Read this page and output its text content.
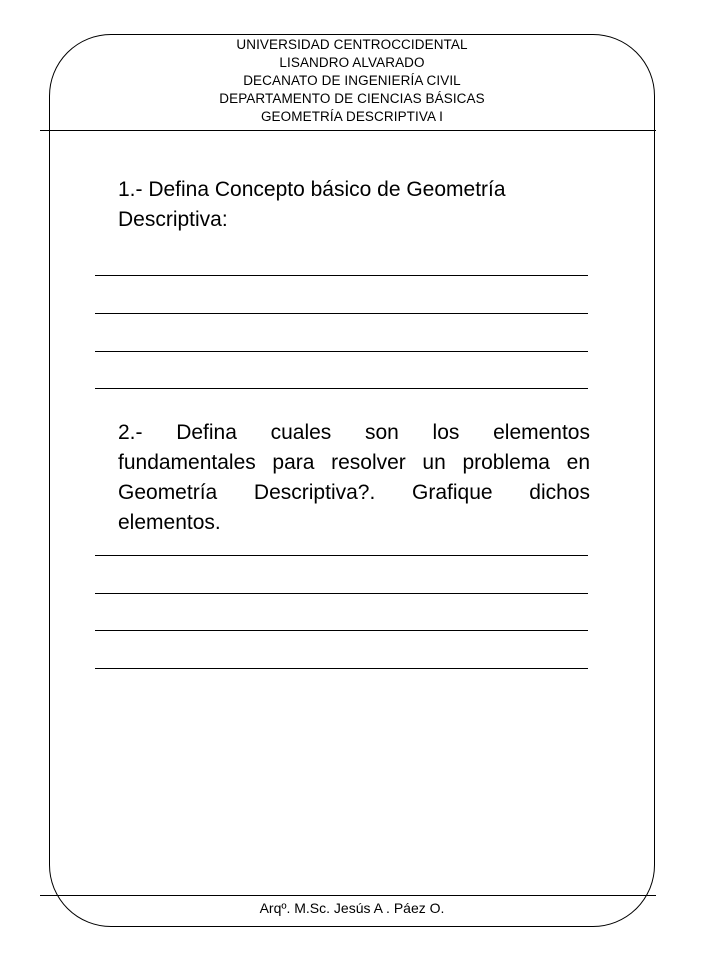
UNIVERSIDAD CENTROCCIDENTAL
LISANDRO ALVARADO
DECANATO DE INGENIERÍA CIVIL
DEPARTAMENTO DE CIENCIAS BÁSICAS
GEOMETRÍA DESCRIPTIVA I
1.- Defina Concepto básico de Geometría Descriptiva:
2.- Defina cuales son los elementos fundamentales para resolver un problema en Geometría Descriptiva?. Grafique dichos elementos.
Arqº. M.Sc. Jesús A . Páez O.
